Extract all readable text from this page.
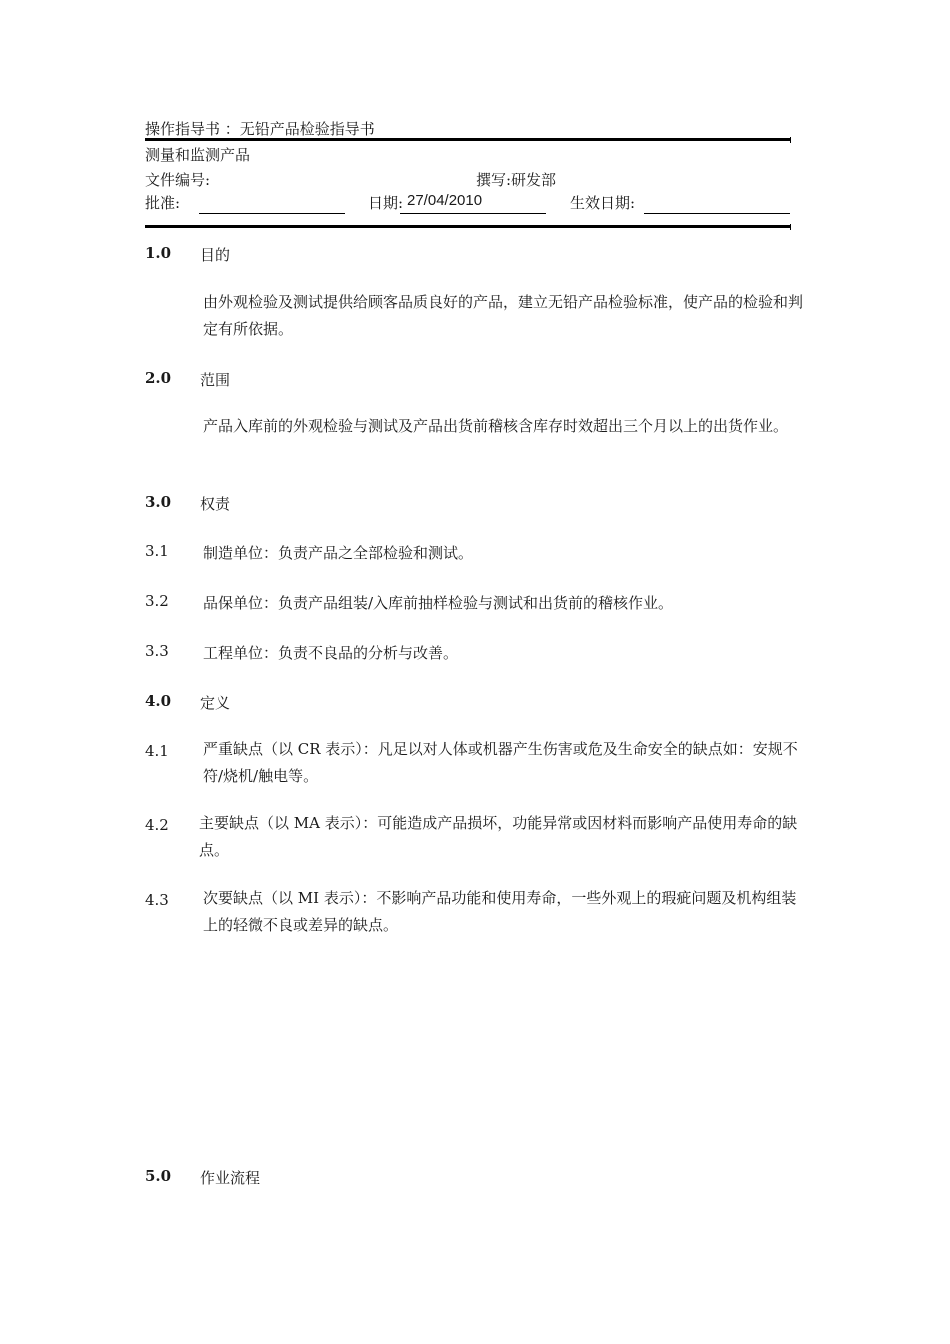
操作指导书 ：无铅产品检验指导书
测量和监测产品
文件编号:	撰写:研发部
批准:	日期: 27/04/2010	生效日期:
1.0 目的
由外观检验及测试提供给顾客品质良好的产品，建立无铅产品检验标准，使产品的检验和判定有所依据。
2.0 范围
产品入库前的外观检验与测试及产品出货前稽核含库存时效超出三个月以上的出货作业。
3.0 权责
3.1 制造单位：负责产品之全部检验和测试。
3.2 品保单位：负责产品组装/入库前抽样检验与测试和出货前的稽核作业。
3.3 工程单位：负责不良品的分析与改善。
4.0 定义
4.1 严重缺点（以 CR 表示）：凡足以对人体或机器产生伤害或危及生命安全的缺点如：安规不符/烧机/触电等。
4.2 主要缺点（以 MA 表示）：可能造成产品损坏，功能异常或因材料而影响产品使用寿命的缺点。
4.3 次要缺点（以 MI 表示）：不影响产品功能和使用寿命，一些外观上的瑕疵问题及机构组装上的轻微不良或差异的缺点。
5.0 作业流程
